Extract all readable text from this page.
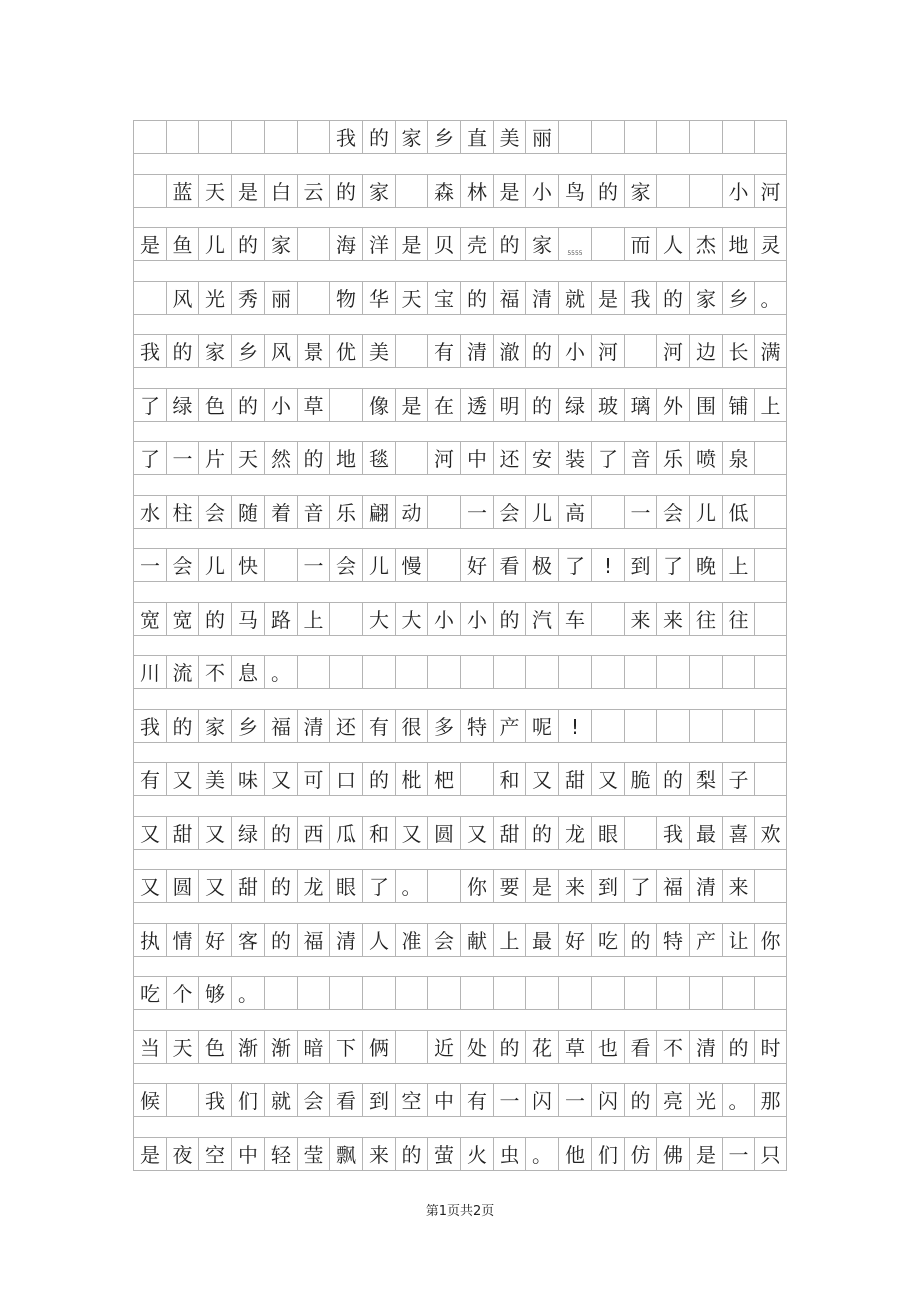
我 的 家 乡 直 美 丽
蓝 天 是 白 云 的 家	森 林 是 小 鸟 的 家	小 河
是 鱼 儿 的 家	海 洋 是 贝 壳 的 家	5555	而 人 杰 地 灵
风 光 秀 丽	物 华 天 宝 的 福 清 就 是 我 的 家 乡 。
我 的 家 乡 风 景 优 美	有 清 澈 的 小 河	河 边 长 满
了 绿 色 的 小 草	像 是 在 透 明 的 绿 玻 璃 外 围 铺 上
了 一 片 天 然 的 地 毯	河 中 还 安 装 了 音 乐 喷 泉
水 柱 会 随 着 音 乐 翩 动	一 会 儿 高	一 会 儿 低
一 会 儿 快	一 会 儿 慢	好 看 极 了 ! 到 了 晚 上
宽 宽 的 马 路 上	大 大 小 小 的 汽 车	来 来 往 往
川 流 不 息 。
我 的 家 乡 福 清 还 有 很 多 特 产 呢 !
有 又 美 味 又 可 口 的 枇 杷	和 又 甜 又 脆 的 梨 子
又 甜 又 绿 的 西 瓜 和 又 圆 又 甜 的 龙 眼	我 最 喜 欢
又 圆 又 甜 的 龙 眼 了 。	你 要 是 来 到 了 福 清 来
执 情 好 客 的 福 清 人 准 会 献 上 最 好 吃 的 特 产 让 你
吃 个 够 。
当 天 色 渐 渐 暗 下 俩	近 处 的 花 草 也 看 不 清 的 时
候	我 们 就 会 看 到 空 中 有 一 闪 一 闪 的 亮 光 。 那
是 夜 空 中 轻 莹 飘 来 的 萤 火 虫 。 他 们 仿 佛 是 一 只
第1页共2页
